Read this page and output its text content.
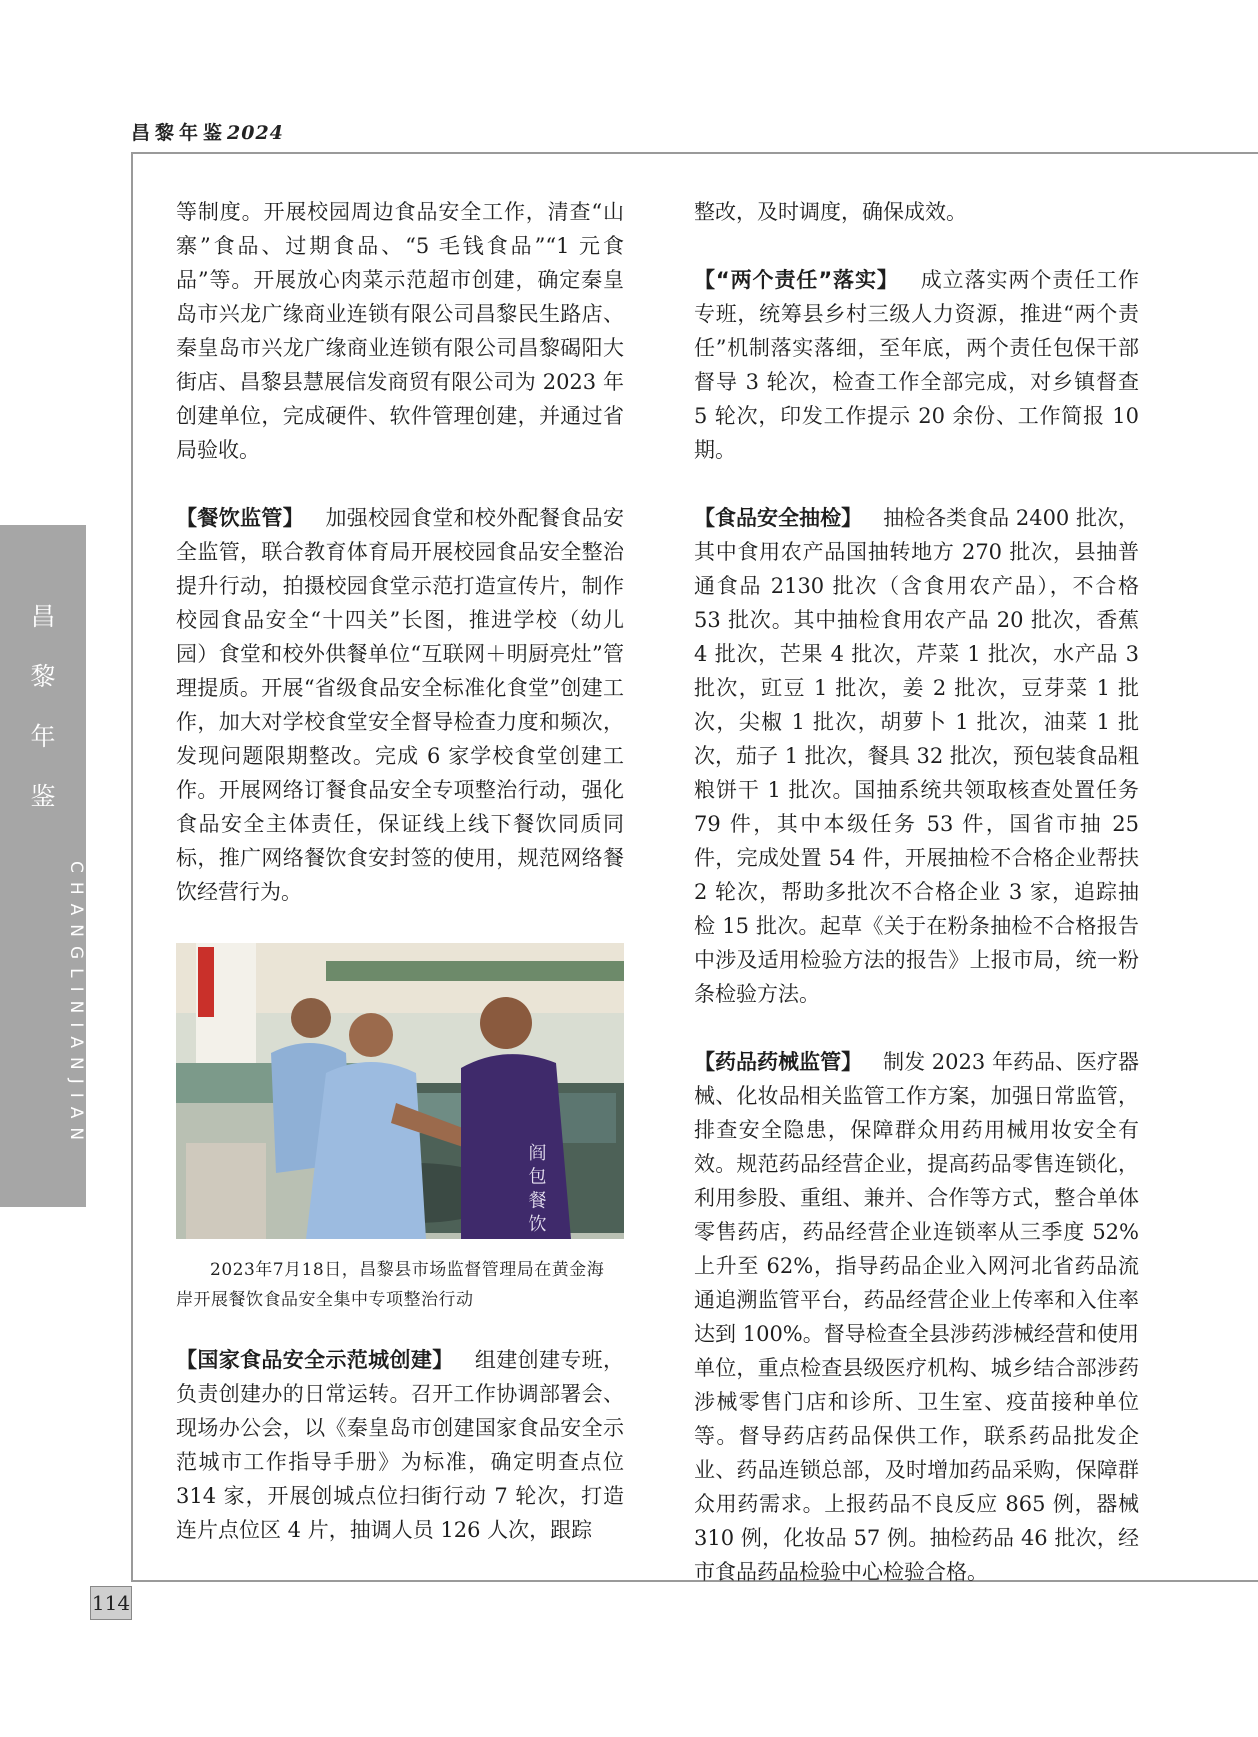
昌黎年鉴2024
昌
黎
年
鉴
CHANGLINIANJIAN
114

等制度。开展校园周边食品安全工作，清查“山寨”食品、过期食品、“5 毛钱食品”“1 元食品”等。开展放心肉菜示范超市创建，确定秦皇岛市兴龙广缘商业连锁有限公司昌黎民生路店、秦皇岛市兴龙广缘商业连锁有限公司昌黎碣阳大街店、昌黎县慧展信发商贸有限公司为 2023 年创建单位，完成硬件、软件管理创建，并通过省局验收。

【餐饮监管】  加强校园食堂和校外配餐食品安全监管，联合教育体育局开展校园食品安全整治提升行动，拍摄校园食堂示范打造宣传片，制作校园食品安全“十四关”长图，推进学校（幼儿园）食堂和校外供餐单位“互联网＋明厨亮灶”管理提质。开展“省级食品安全标准化食堂”创建工作，加大对学校食堂安全督导检查力度和频次，发现问题限期整改。完成 6 家学校食堂创建工作。开展网络订餐食品安全专项整治行动，强化食品安全主体责任，保证线上线下餐饮同质同标，推广网络餐饮食安封签的使用，规范网络餐饮经营行为。

阎 包 餐 饮
2023年7月18日，昌黎县市场监督管理局在黄金海
岸开展餐饮食品安全集中专项整治行动

【国家食品安全示范城创建】  组建创建专班，负责创建办的日常运转。召开工作协调部署会、现场办公会，以《秦皇岛市创建国家食品安全示范城市工作指导手册》为标准，确定明查点位 314 家，开展创城点位扫街行动 7 轮次，打造连片点位区 4 片，抽调人员 126 人次，跟踪

整改，及时调度，确保成效。

【“两个责任”落实】  成立落实两个责任工作专班，统筹县乡村三级人力资源，推进“两个责任”机制落实落细，至年底，两个责任包保干部督导 3 轮次，检查工作全部完成，对乡镇督查 5 轮次，印发工作提示 20 余份、工作简报 10 期。

【食品安全抽检】  抽检各类食品 2400 批次，其中食用农产品国抽转地方 270 批次，县抽普通食品 2130 批次（含食用农产品），不合格 53 批次。其中抽检食用农产品 20 批次，香蕉 4 批次，芒果 4 批次，芹菜 1 批次，水产品 3 批次，豇豆 1 批次，姜 2 批次，豆芽菜 1 批次，尖椒 1 批次，胡萝卜 1 批次，油菜 1 批次，茄子 1 批次，餐具 32 批次，预包装食品粗粮饼干 1 批次。国抽系统共领取核查处置任务 79 件，其中本级任务 53 件，国省市抽 25 件，完成处置 54 件，开展抽检不合格企业帮扶 2 轮次，帮助多批次不合格企业 3 家，追踪抽检 15 批次。起草《关于在粉条抽检不合格报告中涉及适用检验方法的报告》上报市局，统一粉条检验方法。

【药品药械监管】  制发 2023 年药品、医疗器械、化妆品相关监管工作方案，加强日常监管，排查安全隐患，保障群众用药用械用妆安全有效。规范药品经营企业，提高药品零售连锁化，利用参股、重组、兼并、合作等方式，整合单体零售药店，药品经营企业连锁率从三季度 52% 上升至 62%，指导药品企业入网河北省药品流通追溯监管平台，药品经营企业上传率和入住率达到 100%。督导检查全县涉药涉械经营和使用单位，重点检查县级医疗机构、城乡结合部涉药涉械零售门店和诊所、卫生室、疫苗接种单位等。督导药店药品保供工作，联系药品批发企业、药品连锁总部，及时增加药品采购，保障群众用药需求。上报药品不良反应 865 例，器械 310 例，化妆品 57 例。抽检药品 46 批次，经市食品药品检验中心检验合格。
